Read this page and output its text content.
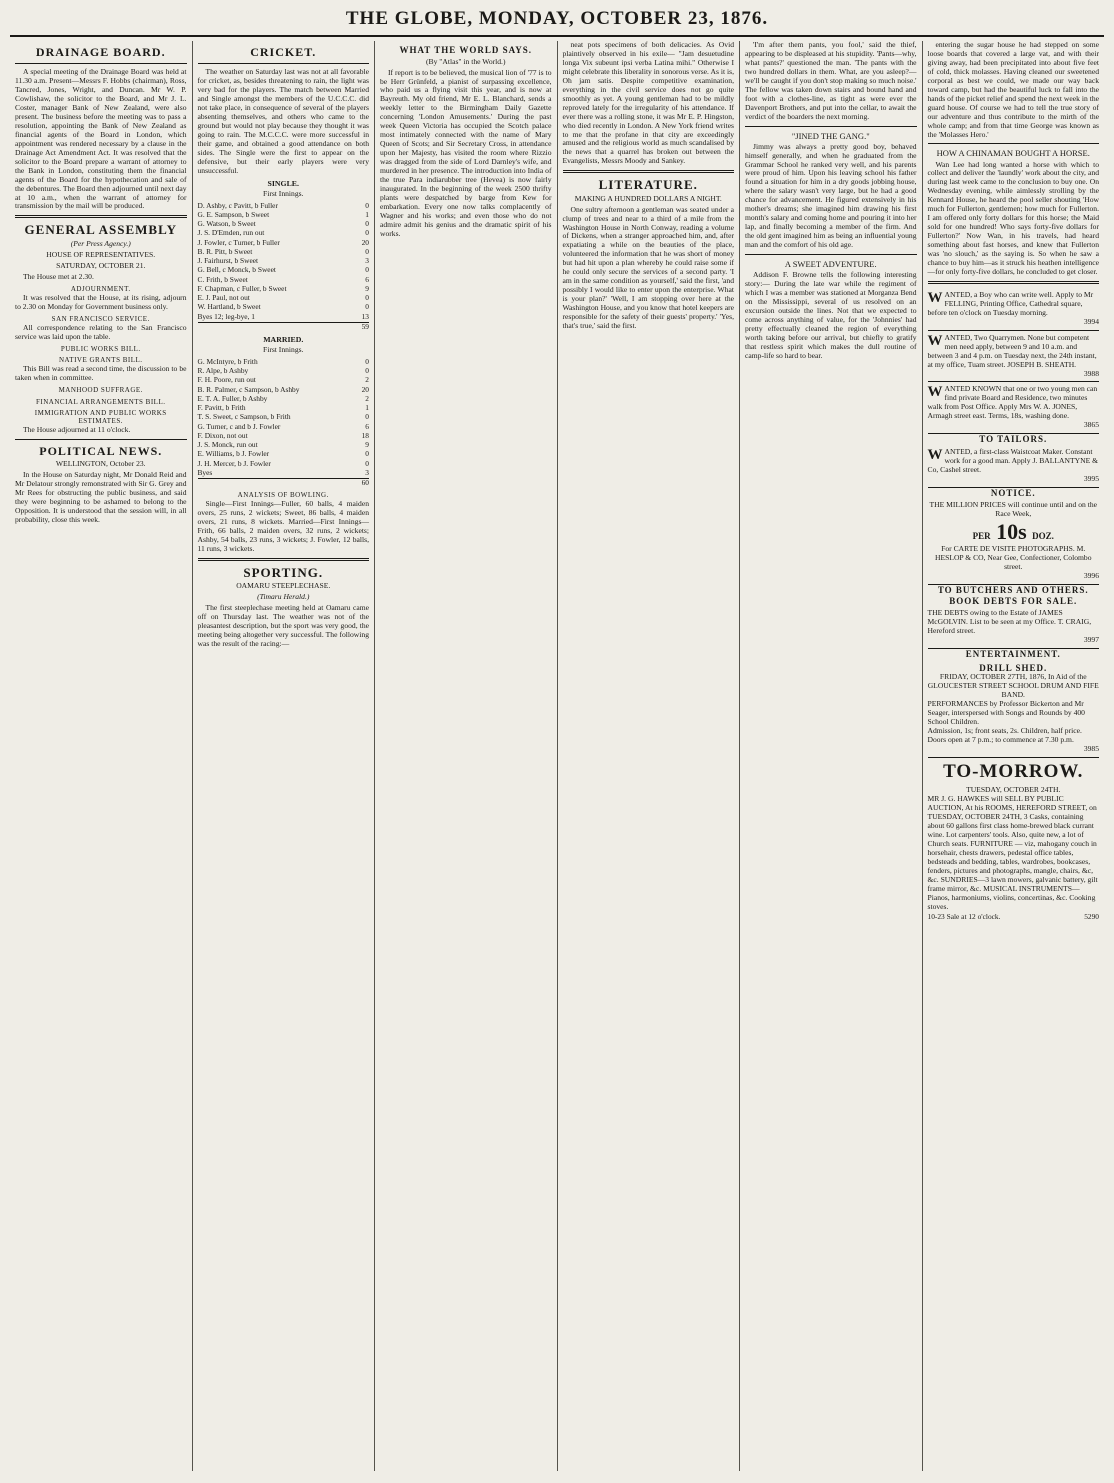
THE GLOBE, MONDAY, OCTOBER 23, 1876.
DRAINAGE BOARD.

A special meeting of the Drainage Board was held at 11.30 a.m. Present—Messrs F. Hobbs (chairman), Ross, Tancred, Jones, Wright, and Duncan. Mr W. P. Cowlishaw, the solicitor to the Board, and Mr J. L. Coster, manager Bank of New Zealand, were also present. The business before the meeting was to pass a resolution, appointing the Bank of New Zealand as financial agents of the Board in London, which appointment was rendered necessary by a clause in the Drainage Act Amendment Act. It was resolved that the solicitor to the Board prepare a warrant of attorney to the Bank in London, constituting them the financial agents of the Board for the hypothecation and sale of the debentures. The Board then adjourned until next day at 10 a.m., when the warrant of attorney for transmission by the mail will be produced.

GENERAL ASSEMBLY
(Per Press Agency.)
HOUSE OF REPRESENTATIVES.
SATURDAY, OCTOBER 21.

The House met at 2.30.

ADJOURNMENT.

It was resolved that the House, at its rising, adjourn to 2.30 on Monday for Government business only.

SAN FRANCISCO SERVICE.

All correspondence relating to the San Francisco service was laid upon the table.

PUBLIC WORKS BILL.
NATIVE GRANTS BILL.

This Bill was read a second time, the discussion to be taken when in committee.

MANHOOD SUFFRAGE.
FINANCIAL ARRANGEMENTS BILL.
IMMIGRATION AND PUBLIC WORKS ESTIMATES.

The House adjourned at 11 o'clock.

POLITICAL NEWS.
WELLINGTON, October 23.

In the House on Saturday night, Mr Donald Reid and Mr Delatour strongly remonstrated with Sir G. Grey and Mr Rees for obstructing the public business, and said they were beginning to be ashamed to belong to the Opposition. It is understood that the session will, in all probability, close this week.

CRICKET.

The weather on Saturday last was not at all favorable for cricket, as, besides threatening to rain, the light was very bad for the players. The match between Married and Single amongst the members of the U.C.C.C. did not take place, in consequence of several of the players absenting themselves, and others who came to the ground but would not play because they thought it was going to rain. The M.C.C.C. were more successful in their game, and obtained a good attendance on both sides. The Single were the first to appear on the defensive, but their early players were very unsuccessful.

SINGLE.
First Innings.
D. Ashby, c Pavitt, b Fuller	0
G. E. Sampson, b Sweet	1
G. Watson, b Sweet	0
J. S. D'Emden, run out	0
J. Fowler, c Turner, b Fuller	20
B. R. Pitt, b Sweet	0
J. Fairhurst, b Sweet	3
G. Bell, c Monck, b Sweet	0
C. Frith, b Sweet	6
F. Chapman, c Fuller, b Sweet	9
E. J. Paul, not out	0
W. Hartland, b Sweet	0
Byes 12; leg-bye, 1	13
59
MARRIED.
First Innings.
G. McIntyre, b Frith	0
R. Alpe, b Ashby	0
F. H. Poore, run out	2
B. R. Palmer, c Sampson, b Ashby	20
E. T. A. Fuller, b Ashby	2
F. Pavitt, b Frith	1
T. S. Sweet, c Sampson, b Frith	0
G. Turner, c and b J. Fowler	6
F. Dixon, not out	18
J. S. Monck, run out	9
E. Williams, b J. Fowler	0
J. H. Mercer, b J. Fowler	0
Byes	3
60
ANALYSIS OF BOWLING.

Single—First Innings—Fuller, 60 balls, 4 maiden overs, 25 runs, 2 wickets; Sweet, 86 balls, 4 maiden overs, 21 runs, 8 wickets. Married—First Innings—Frith, 66 balls, 2 maiden overs, 32 runs, 2 wickets; Ashby, 54 balls, 23 runs, 3 wickets; J. Fowler, 12 balls, 11 runs, 3 wickets.

SPORTING.
OAMARU STEEPLECHASE.
(Timaru Herald.)

The first steeplechase meeting held at Oamaru came off on Thursday last. The weather was not of the pleasantest description, but the sport was very good, the meeting being altogether very successful. The following was the result of the racing:—

WHAT THE WORLD SAYS.
(By "Atlas" in the World.)

If report is to be believed, the musical lion of '77 is to be Herr Grünfeld, a pianist of surpassing excellence, who paid us a flying visit this year, and is now at Bayreuth. My old friend, Mr E. L. Blanchard, sends a weekly letter to the Birmingham Daily Gazette concerning 'London Amusements.' During the past week Queen Victoria has occupied the Scotch palace most intimately connected with the name of Mary Queen of Scots; and Sir Secretary Cross, in attendance upon her Majesty, has visited the room where Rizzio was dragged from the side of Lord Darnley's wife, and murdered in her presence. The introduction into India of the true Para indiarubber tree (Hevea) is now fairly inaugurated. In the beginning of the week 2500 thrifty plants were despatched by barge from Kew for embarkation. Every one now talks complacently of Wagner and his works; and even those who do not admire admit his genius and the dramatic spirit of his works.

neat pots specimens of both delicacies. As Ovid plaintively observed in his exile— "Jam desuetudine longa Vix subeunt ipsi verba Latina mihi." Otherwise I might celebrate this liberality in sonorous verse. As it is, Oh jam satis. Despite competitive examination, everything in the civil service does not go quite smoothly as yet. A young gentleman had to be mildly reproved lately for the irregularity of his attendance. If ever there was a rolling stone, it was Mr E. P. Hingston, who died recently in London. A New York friend writes to me that the profane in that city are exceedingly amused and the religious world as much scandalised by the news that a quarrel has broken out between the Evangelists, Messrs Moody and Sankey.

LITERATURE.
MAKING A HUNDRED DOLLARS A NIGHT.

One sultry afternoon a gentleman was seated under a clump of trees and near to a third of a mile from the Washington House in North Conway, reading a volume of Dickens, when a stranger approached him, and, after expatiating a while on the beauties of the place, volunteered the information that he was short of money but had hit upon a plan whereby he could raise some if he could only secure the services of a second party. 'I am in the same condition as yourself,' said the first, 'and possibly I would like to enter upon the enterprise. What is your plan?' 'Well, I am stopping over here at the Washington House, and you know that hotel keepers are responsible for the safety of their guests' property.' 'Yes, that's true,' said the first.

'I'm after them pants, you fool,' said the thief, appearing to be displeased at his stupidity. 'Pants—why, what pants?' questioned the man. 'The pants with the two hundred dollars in them. What, are you asleep?—we'll be caught if you don't stop making so much noise.' The fellow was taken down stairs and bound hand and foot with a clothes-line, as tight as were ever the Davenport Brothers, and put into the cellar, to await the verdict of the boarders the next morning.

"JINED THE GANG."

Jimmy was always a pretty good boy, behaved himself generally, and when he graduated from the Grammar School he ranked very well, and his parents were proud of him. Upon his leaving school his father found a situation for him in a dry goods jobbing house, where the salary wasn't very large, but he had a good chance for advancement. He figured extensively in his mother's dreams; she imagined him drawing his first month's salary and coming home and pouring it into her lap, and finally becoming a member of the firm. And the old gent imagined him as being an influential young man and the comfort of his old age.

A SWEET ADVENTURE.

Addison F. Browne tells the following interesting story:— During the late war while the regiment of which I was a member was stationed at Morganza Bend on the Mississippi, several of us resolved on an excursion outside the lines. Not that we expected to come across anything of value, for the 'Johnnies' had pretty effectually cleaned the region of everything worth taking before our arrival, but chiefly to gratify that restless spirit which makes the dull routine of camp-life so hard to bear.

entering the sugar house he had stepped on some loose boards that covered a large vat, and with their giving away, had been precipitated into about five feet of cold, thick molasses. Having cleaned our sweetened corporal as best we could, we made our way back toward camp, but had the beautiful luck to fall into the hands of the picket relief and spend the next week in the guard house. Of course we had to tell the true story of our adventure and thus contribute to the mirth of the whole camp; and from that time George was known as the 'Molasses Hero.'

HOW A CHINAMAN BOUGHT A HORSE.

Wan Lee had long wanted a horse with which to collect and deliver the 'laundly' work about the city, and during last week came to the conclusion to buy one. On Wednesday evening, while aimlessly strolling by the Kennard House, he heard the pool seller shouting 'How much for Fullerton, gentlemen; how much for Fullerton. I am offered only forty dollars for this horse; the Maid sold for one hundred! Who says forty-five dollars for Fullerton?' Now Wan, in his travels, had heard something about fast horses, and knew that Fullerton was 'no slouch,' as the saying is. So when he saw a chance to buy him—as it struck his heathen intelligence—for only forty-five dollars, he concluded to get closer.

WANTED, a Boy who can write well. Apply to Mr FELLING, Printing Office, Cathedral square, before ten o'clock on Tuesday morning.
3994
WANTED, Two Quarrymen. None but competent men need apply, between 9 and 10 a.m. and between 3 and 4 p.m. on Tuesday next, the 24th instant, at my office, Tuam street. JOSEPH B. SHEATH.
3988
WANTED KNOWN that one or two young men can find private Board and Residence, two minutes walk from Post Office. Apply Mrs W. A. JONES, Armagh street east. Terms, 18s, washing done.
3865
TO TAILORS.
W ANTED, a first-class Waistcoat Maker. Constant work for a good man. Apply J. BALLANTYNE & Co, Cashel street.
3995
NOTICE.
THE MILLION PRICES will continue until and on the Race Week,
PER 10s DOZ.
For CARTE DE VISITE PHOTOGRAPHS. M. HESLOP & CO, Near Gee, Confectioner, Colombo street.
3996
TO BUTCHERS AND OTHERS.
BOOK DEBTS FOR SALE.
THE DEBTS owing to the Estate of JAMES McGOLVIN. List to be seen at my Office. T. CRAIG, Hereford street.
3997
ENTERTAINMENT.
DRILL SHED.
FRIDAY, OCTOBER 27TH, 1876, In Aid of the GLOUCESTER STREET SCHOOL DRUM AND FIFE BAND.
PERFORMANCES by Professor Bickerton and Mr Seager, interspersed with Songs and Rounds by 400 School Children.
Admission, 1s; front seats, 2s. Children, half price. Doors open at 7 p.m.; to commence at 7.30 p.m.
3985
TO-MORROW.
TUESDAY, OCTOBER 24TH.
MR J. G. HAWKES will SELL BY PUBLIC AUCTION, At his ROOMS, HEREFORD STREET, on TUESDAY, OCTOBER 24TH, 3 Casks, containing about 60 gallons first class home-brewed black currant wine. Lot carpenters' tools. Also, quite new, a lot of Church seats. FURNITURE — viz, mahogany couch in horsehair, chests drawers, pedestal office tables, bedsteads and bedding, tables, wardrobes, bookcases, fenders, pictures and photographs, mangle, chairs, &c, &c. SUNDRIES—3 lawn mowers, galvanic battery, gilt frame mirror, &c. MUSICAL INSTRUMENTS—Pianos, harmoniums, violins, concertinas, &c. Cooking stoves.
10-23 Sale at 12 o'clock.	5290
